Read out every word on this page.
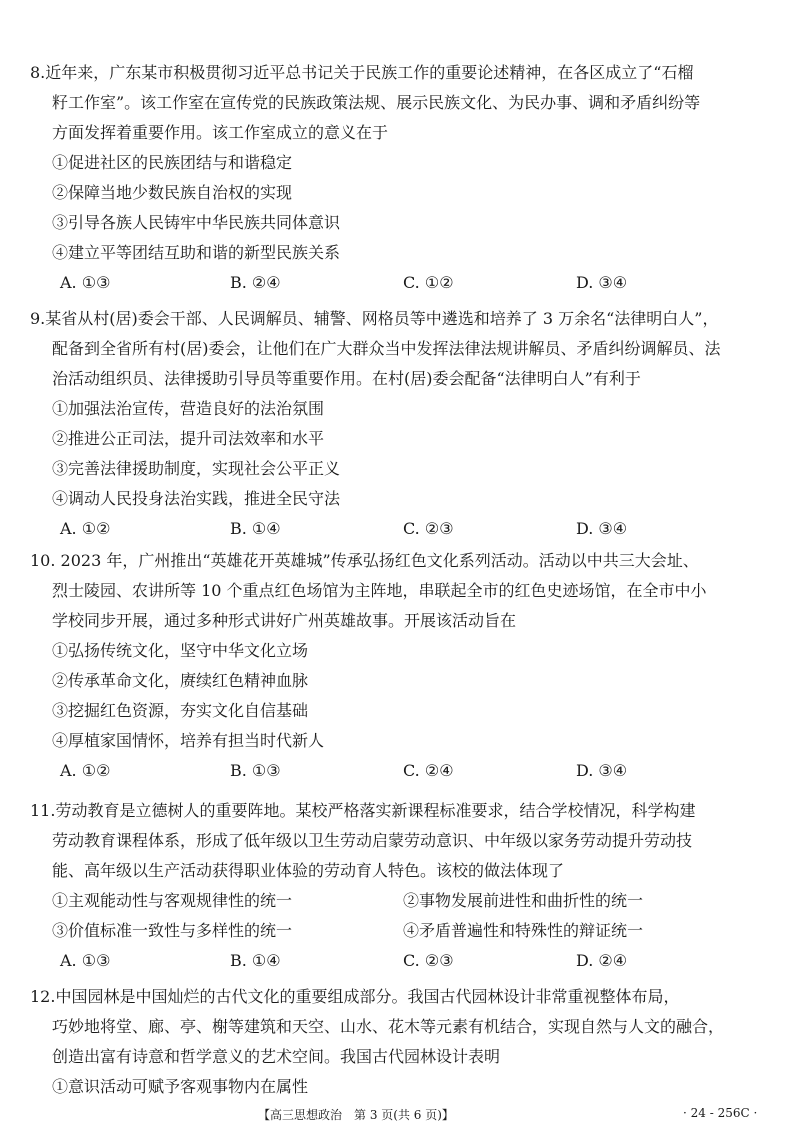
8.近年来，广东某市积极贯彻习近平总书记关于民族工作的重要论述精神，在各区成立了“石榴
籽工作室”。该工作室在宣传党的民族政策法规、展示民族文化、为民办事、调和矛盾纠纷等
方面发挥着重要作用。该工作室成立的意义在于
①促进社区的民族团结与和谐稳定
②保障当地少数民族自治权的实现
③引导各族人民铸牢中华民族共同体意识
④建立平等团结互助和谐的新型民族关系
A. ①③	B. ②④	C. ①②	D. ③④
9.某省从村(居)委会干部、人民调解员、辅警、网格员等中遴选和培养了 3 万余名“法律明白人”，
配备到全省所有村(居)委会，让他们在广大群众当中发挥法律法规讲解员、矛盾纠纷调解员、法
治活动组织员、法律援助引导员等重要作用。在村(居)委会配备“法律明白人”有利于
①加强法治宣传，营造良好的法治氛围
②推进公正司法，提升司法效率和水平
③完善法律援助制度，实现社会公平正义
④调动人民投身法治实践，推进全民守法
A. ①②	B. ①④	C. ②③	D. ③④
10. 2023 年，广州推出“英雄花开英雄城”传承弘扬红色文化系列活动。活动以中共三大会址、
烈士陵园、农讲所等 10 个重点红色场馆为主阵地，串联起全市的红色史迹场馆，在全市中小
学校同步开展，通过多种形式讲好广州英雄故事。开展该活动旨在
①弘扬传统文化，坚守中华文化立场
②传承革命文化，赓续红色精神血脉
③挖掘红色资源，夯实文化自信基础
④厚植家国情怀，培养有担当时代新人
A. ①②	B. ①③	C. ②④	D. ③④
11.劳动教育是立德树人的重要阵地。某校严格落实新课程标准要求，结合学校情况，科学构建
劳动教育课程体系，形成了低年级以卫生劳动启蒙劳动意识、中年级以家务劳动提升劳动技
能、高年级以生产活动获得职业体验的劳动育人特色。该校的做法体现了
①主观能动性与客观规律性的统一	②事物发展前进性和曲折性的统一
③价值标准一致性与多样性的统一	④矛盾普遍性和特殊性的辩证统一
A. ①③	B. ①④	C. ②③	D. ②④
12.中国园林是中国灿烂的古代文化的重要组成部分。我国古代园林设计非常重视整体布局，
巧妙地将堂、廊、亭、榭等建筑和天空、山水、花木等元素有机结合，实现自然与人文的融合，
创造出富有诗意和哲学意义的艺术空间。我国古代园林设计表明
①意识活动可赋予客观事物内在属性
【高三思想政治　第 3 页(共 6 页)】	· 24 - 256C ·
